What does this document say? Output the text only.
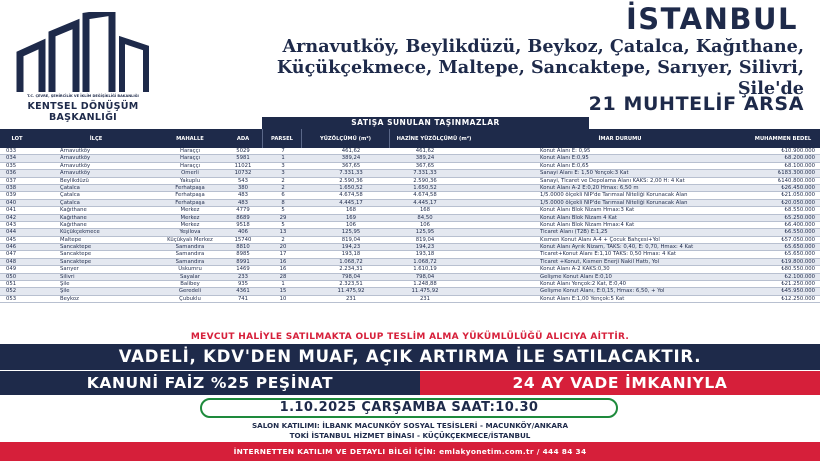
T.C. ÇEVRE, ŞEHİRCİLİK VE İKLİM DEĞİŞİKLİĞİ BAKANLIĞI
KENTSEL DÖNÜŞÜM
BAŞKANLIĞI
İSTANBUL
Arnavutköy, Beylikdüzü, Beykoz, Çatalca, Kağıthane, Küçükçekmece, Maltepe, Sancaktepe, Sarıyer, Silivri, Şile'de
21 MUHTELİF ARSA
SATIŞA SUNULAN TAŞINMAZLAR
LOT	İLÇE	MAHALLE	ADA	PARSEL	YÜZÖLÇÜMÜ (m²)	HAZİNE YÜZÖLÇÜMÜ (m²)	İMAR DURUMU	MUHAMMEN BEDEL
033	Arnavutköy	Haraççı	5029	7	461,62	461,62	Konut Alanı E: 0,95	₺10.900.000
034	Arnavutköy	Haraççı	5981	1	389,24	389,24	Konut Alanı E:0,95	₺8.200.000
035	Arnavutköy	Haraççı	11021	3	367,65	367,65	Konut Alanı E:0,65	₺8.100.000
036	Arnavutköy	Ömerli	10732	3	7.331,33	7.331,33	Sanayi Alanı E: 1,50 Yençok:3 Kat	₺183.300.000
037	Beylikdüzü	Yakuplu	543	2	2.590,36	2.590,36	Sanayi, Ticaret ve Depolama Alanı KAKS: 2,00 H: 4 Kat	₺140.800.000
038	Çatalca	Ferhatpaşa	380	2	1.650,52	1.650,52	Konut Alanı A-2 E:0,20 Hmax: 6,50 m	₺26.450.000
039	Çatalca	Ferhatpaşa	483	6	4.674,58	4.674,58	1/5.0000 ölçekli NİP'de Tarımsal Niteliği Korunacak Alan	₺21.050.000
040	Çatalca	Ferhatpaşa	483	8	4.445,17	4.445,17	1/5.0000 ölçekli NİP'de Tarımsal Niteliği Korunacak Alan	₺20.050.000
041	Kağıthane	Merkez	4779	5	168	168	Konut Alanı Blok Nizam Hmax:3 Kat	₺8.550.000
042	Kağıthane	Merkez	8689	29	169	84,50	Konut Alanı Blok Nizam 4 Kat	₺5.250.000
043	Kağıthane	Merkez	9518	5	106	106	Konut Alanı Blok Nizam Hmax:4 Kat	₺6.400.000
044	Küçükçekmece	Yeşilova	406	13	125,95	125,95	Ticaret Alanı (T2B) E:1,25	₺6.550.000
045	Maltepe	Küçükyalı Merkez	15740	2	819,04	819,04	Kısmen Konut Alanı A-4 + Çocuk Bahçesi+Yol	₺57.050.000
046	Sancaktepe	Samandıra	8810	20	194,23	194,23	Konut Alanı Ayrık Nizam, TAKS: 0,40, E: 0,70, Hmax: 4 Kat	₺5.650.000
047	Sancaktepe	Samandıra	8985	17	193,18	193,18	Ticaret+Konut Alanı E:1,10 TAKS: 0,50 Hmax: 4 Kat	₺5.650.000
048	Sancaktepe	Samandıra	8991	16	1.068,72	1.068,72	Ticaret +Konut, Kısmen Enerji Nakil Hattı, Yol	₺19.800.000
049	Sarıyer	Uskumru	1469	16	2.234,31	1.610,19	Konut Alanı A-2 KAKS:0,30	₺80.550.000
050	Silivri	Sayalar	233	28	798,04	798,04	Gelişme Konut Alanı E:0,10	₺2.100.000
051	Şile	Balibey	935	1	2.323,51	1.248,88	Konut Alanı Yençok:2 Kat, E:0,40	₺21.250.000
052	Şile	Geredeli	4361	15	11.475,92	11.475,92	Gelişme Konut Alanı, E:0,15, Hmax: 6,50, + Yol	₺45.950.000
053	Beykoz	Çubuklu	741	10	231	231	Konut Alanı E:1,00 Yençok:5 Kat	₺12.250.000
MEVCUT HALİYLE SATILMAKTA OLUP TESLİM ALMA YÜKÜMLÜLÜĞÜ ALICIYA AİTTİR.
VADELİ, KDV'DEN MUAF, AÇIK ARTIRMA İLE SATILACAKTIR.
KANUNİ FAİZ %25 PEŞİNAT	24 AY VADE İMKANIYLA
1.10.2025 ÇARŞAMBA SAAT:10.30
SALON KATILIMI: İLBANK MACUNKÖY SOSYAL TESİSLERİ - MACUNKÖY/ANKARA
TOKİ İSTANBUL HİZMET BİNASI - KÜÇÜKÇEKMECE/İSTANBUL
İNTERNETTEN KATILIM VE DETAYLI BİLGİ İÇİN: emlakyonetim.com.tr / 444 84 34
